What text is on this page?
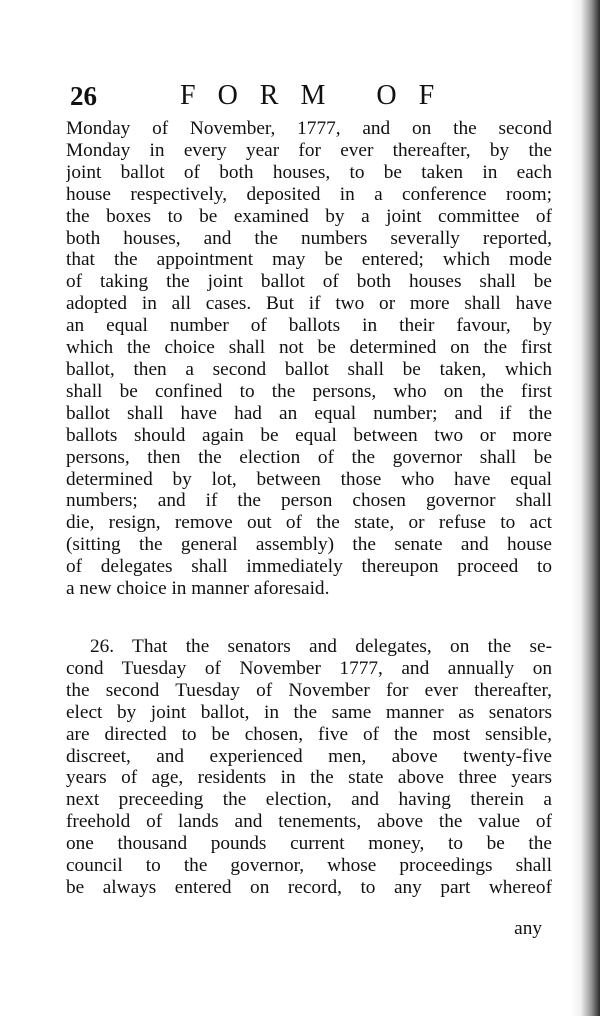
26	FORM OF
Monday of November, 1777, and on the second
Monday in every year for ever thereafter, by the
joint ballot of both houses, to be taken in each
house respectively, deposited in a conference room;
the boxes to be examined by a joint committee of
both houses, and the numbers severally reported,
that the appointment may be entered; which mode
of taking the joint ballot of both houses shall be
adopted in all cases. But if two or more shall have
an equal number of ballots in their favour, by
which the choice shall not be determined on the first
ballot, then a second ballot shall be taken, which
shall be confined to the persons, who on the first
ballot shall have had an equal number; and if the
ballots should again be equal between two or more
persons, then the election of the governor shall be
determined by lot, between those who have equal
numbers; and if the person chosen governor shall
die, resign, remove out of the state, or refuse to act
(sitting the general assembly) the senate and house
of delegates shall immediately thereupon proceed to
a new choice in manner aforesaid.
26. That the senators and delegates, on the se-
cond Tuesday of November 1777, and annually on
the second Tuesday of November for ever thereafter,
elect by joint ballot, in the same manner as senators
are directed to be chosen, five of the most sensible,
discreet, and experienced men, above twenty-five
years of age, residents in the state above three years
next preceeding the election, and having therein a
freehold of lands and tenements, above the value of
one thousand pounds current money, to be the
council to the governor, whose proceedings shall
be always entered on record, to any part whereof
any
